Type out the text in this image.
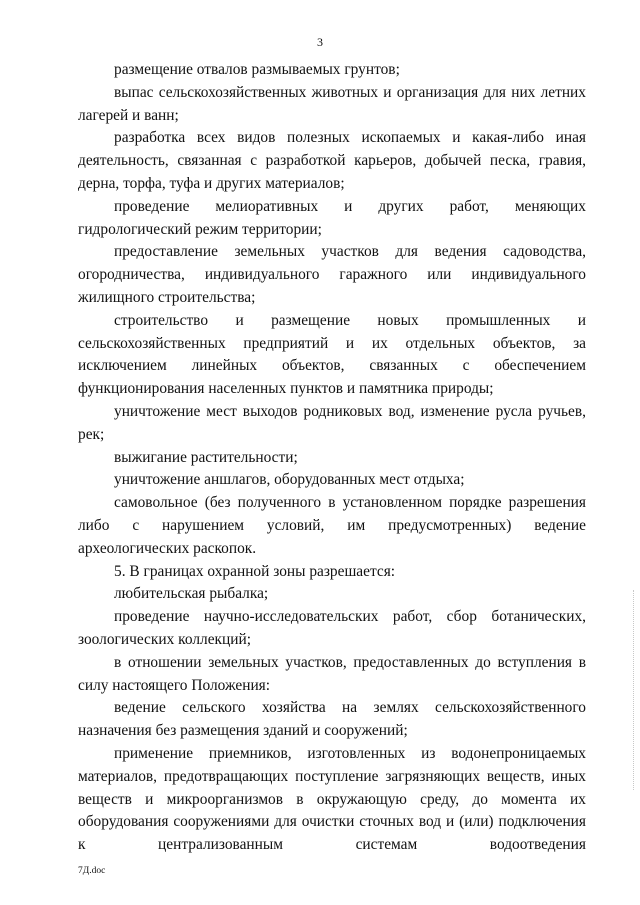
3

размещение отвалов размываемых грунтов;

выпас сельскохозяйственных животных и организация для них летних лагерей и ванн;

разработка всех видов полезных ископаемых и какая-либо иная деятельность, связанная с разработкой карьеров, добычей песка, гравия, дерна, торфа, туфа и других материалов;

проведение мелиоративных и других работ, меняющих гидрологический режим территории;

предоставление земельных участков для ведения садоводства, огородничества, индивидуального гаражного или индивидуального жилищного строительства;

строительство и размещение новых промышленных и сельскохозяйственных предприятий и их отдельных объектов, за исключением линейных объектов, связанных с обеспечением функционирования населенных пунктов и памятника природы;

уничтожение мест выходов родниковых вод, изменение русла ручьев, рек;

выжигание растительности;

уничтожение аншлагов, оборудованных мест отдыха;

самовольное (без полученного в установленном порядке разрешения либо с нарушением условий, им предусмотренных) ведение археологических раскопок.

5. В границах охранной зоны разрешается:

любительская рыбалка;

проведение научно-исследовательских работ, сбор ботанических, зоологических коллекций;

в отношении земельных участков, предоставленных до вступления в силу настоящего Положения:

ведение сельского хозяйства на землях сельскохозяйственного назначения без размещения зданий и сооружений;

применение приемников, изготовленных из водонепроницаемых материалов, предотвращающих поступление загрязняющих веществ, иных веществ и микроорганизмов в окружающую среду, до момента их оборудования сооружениями для очистки сточных вод и (или) подключения к централизованным системам водоотведения

7Д.doc
